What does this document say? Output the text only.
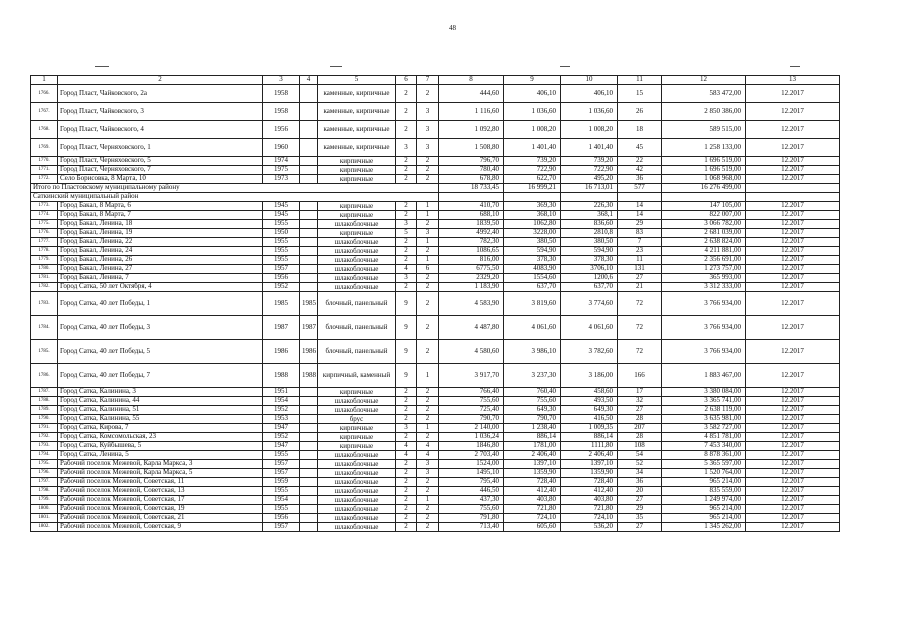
48
1	2	3	4	5	6	7	8	9	10	11	12	13
1766.	Город Пласт, Чайковского, 2а	1958		каменные, кирпичные	2	2	444,60	406,10	406,10	15	583 472,00	12.2017
1767.	Город Пласт, Чайковского, 3	1958		каменные, кирпичные	2	3	1 116,60	1 036,60	1 036,60	26	2 850 386,00	12.2017
1768.	Город Пласт, Чайковского, 4	1956		каменные, кирпичные	2	3	1 092,80	1 008,20	1 008,20	18	589 515,00	12.2017
1769.	Город Пласт, Черняховского, 1	1960		каменные, кирпичные	3	3	1 508,80	1 401,40	1 401,40	45	1 258 133,00	12.2017
1770.	Город Пласт, Черняховского, 5	1974		кирпичные	2	2	796,70	739,20	739,20	22	1 696 519,00	12.2017
1771.	Город Пласт, Черняховского, 7	1975		кирпичные	2	2	780,40	722,90	722,90	42	1 696 519,00	12.2017
1772.	Село Борисовка, 8 Марта, 10	1973		кирпичные	2	2	678,80	622,70	495,20	36	1 068 968,00	12.2017
Итого по Пластовскому муниципальному району							18 733,45	16 999,21	16 713,01	577	16 276 499,00	
Саткинский муниципальный район												
1773.	Город Бакал, 8 Марта, 6	1945		кирпичные	2	1	410,70	369,30	226,30	14	147 105,00	12.2017
1774.	Город Бакал, 8 Марта, 7	1945		кирпичные	2	1	688,10	368,10	368,1	14	822 007,00	12.2017
1775.	Город Бакал, Ленина, 18	1955		шлакоблочные	3	2	1839,50	1062,80	836,60	29	3 066 782,00	12.2017
1776.	Город Бакал, Ленина, 19	1950		кирпичные	5	3	4992,40	3228,00	2810,8	83	2 681 039,00	12.2017
1777.	Город Бакал, Ленина, 22	1955		шлакоблочные	2	1	782,30	380,50	380,50	7	2 638 824,00	12.2017
1778.	Город Бакал, Ленина, 24	1955		шлакоблочные	2	2	1086,65	594,90	594,90	23	4 211 881,00	12.2017
1779.	Город Бакал, Ленина, 26	1955		шлакоблочные	2	1	816,00	378,30	378,30	11	2 356 691,00	12.2017
1780.	Город Бакал, Ленина, 27	1957		шлакоблочные	4	6	6775,50	4083,90	3706,10	131	1 273 757,00	12.2017
1781.	Город Бакал, Ленина, 7	1956		шлакоблочные	3	2	2329,20	1554,60	1200,6	27	365 993,00	12.2017
1782.	Город Сатка, 50 лет Октября, 4	1952		шлакоблочные	2	2	1 183,90	637,70	637,70	21	3 312 333,00	12.2017
1783.	Город Сатка, 40 лет Победы, 1	1985	1985	блочный, панельный	9	2	4 583,90	3 819,60	3 774,60	72	3 766 934,00	12.2017
1784.	Город Сатка, 40 лет Победы, 3	1987	1987	блочный, панельный	9	2	4 487,80	4 061,60	4 061,60	72	3 766 934,00	12.2017
1785.	Город Сатка, 40 лет Победы, 5	1986	1986	блочный, панельный	9	2	4 580,60	3 986,10	3 782,60	72	3 766 934,00	12.2017
1786.	Город Сатка, 40 лет Победы, 7	1988	1988	кирпичный, каменный	9	1	3 917,70	3 237,30	3 186,00	166	1 883 467,00	12.2017
1787.	Город Сатка, Калинина, 3	1951		кирпичные	2	2	766,40	760,40	458,60	17	3 380 084,00	12.2017
1788.	Город Сатка, Калинина, 44	1954		шлакоблочные	2	2	755,60	755,60	493,50	32	3 365 741,00	12.2017
1789.	Город Сатка, Калинина, 51	1952		шлакоблочные	2	2	725,40	649,30	649,30	27	2 638 119,00	12.2017
1790.	Город Сатка, Калинина, 55	1953		брус	2	2	790,70	790,70	416,50	28	3 635 981,00	12.2017
1791.	Город Сатка, Кирова, 7	1947		кирпичные	3	1	2 140,00	1 238,40	1 009,35	207	3 582 727,00	12.2017
1792.	Город Сатка, Комсомольская, 23	1952		кирпичные	2	2	1 036,24	886,14	886,14	28	4 851 781,00	12.2017
1793.	Город Сатка, Куйбышева, 5	1947		кирпичные	4	4	1846,80	1781,00	1111,80	108	7 453 340,00	12.2017
1794.	Город Сатка, Ленина, 5	1955		шлакоблочные	4	4	2 703,40	2 406,40	2 406,40	54	8 878 361,00	12.2017
1795.	Рабочий поселок Межевой, Карла Маркса, 3	1957		шлакоблочные	2	3	1524,00	1397,10	1397,10	52	5 365 597,00	12.2017
1796.	Рабочий поселок Межевой, Карла Маркса, 5	1957		шлакоблочные	2	3	1495,10	1359,90	1359,90	34	1 520 764,00	12.2017
1797.	Рабочий поселок Межевой, Советская, 11	1959		шлакоблочные	2	2	795,40	728,40	728,40	36	965 214,00	12.2017
1798.	Рабочий поселок Межевой, Советская, 13	1955		шлакоблочные	2	2	446,50	412,40	412,40	20	835 559,00	12.2017
1799.	Рабочий поселок Межевой, Советская, 17	1954		шлакоблочные	2	1	437,30	403,80	403,80	27	1 249 974,00	12.2017
1800.	Рабочий поселок Межевой, Советская, 19	1955		шлакоблочные	2	2	755,60	721,80	721,80	29	965 214,00	12.2017
1801.	Рабочий поселок Межевой, Советская, 21	1956		шлакоблочные	2	2	791,80	724,10	724,10	35	965 214,00	12.2017
1802.	Рабочий поселок Межевой, Советская, 9	1957		шлакоблочные	2	2	713,40	605,60	536,20	27	1 345 262,00	12.2017
